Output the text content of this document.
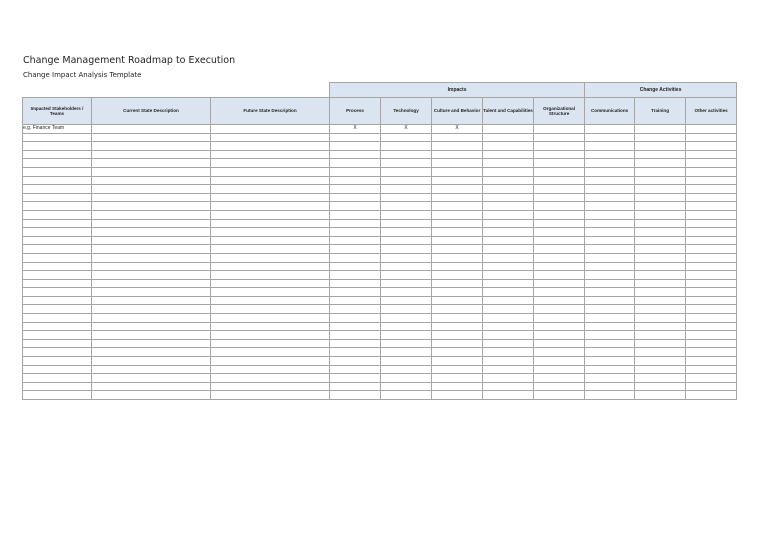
Change Management Roadmap to Execution
Change Impact Analysis Template
			Impacts					Change Activities		
Impacted Stakeholders / Teams	Current State Description	Future State Description	Process	Technology	Culture and Behavior	Talent and Capabilities	Organizational Structure	Communications	Training	Other activities
e.g. Finance Team			X	X	X					
